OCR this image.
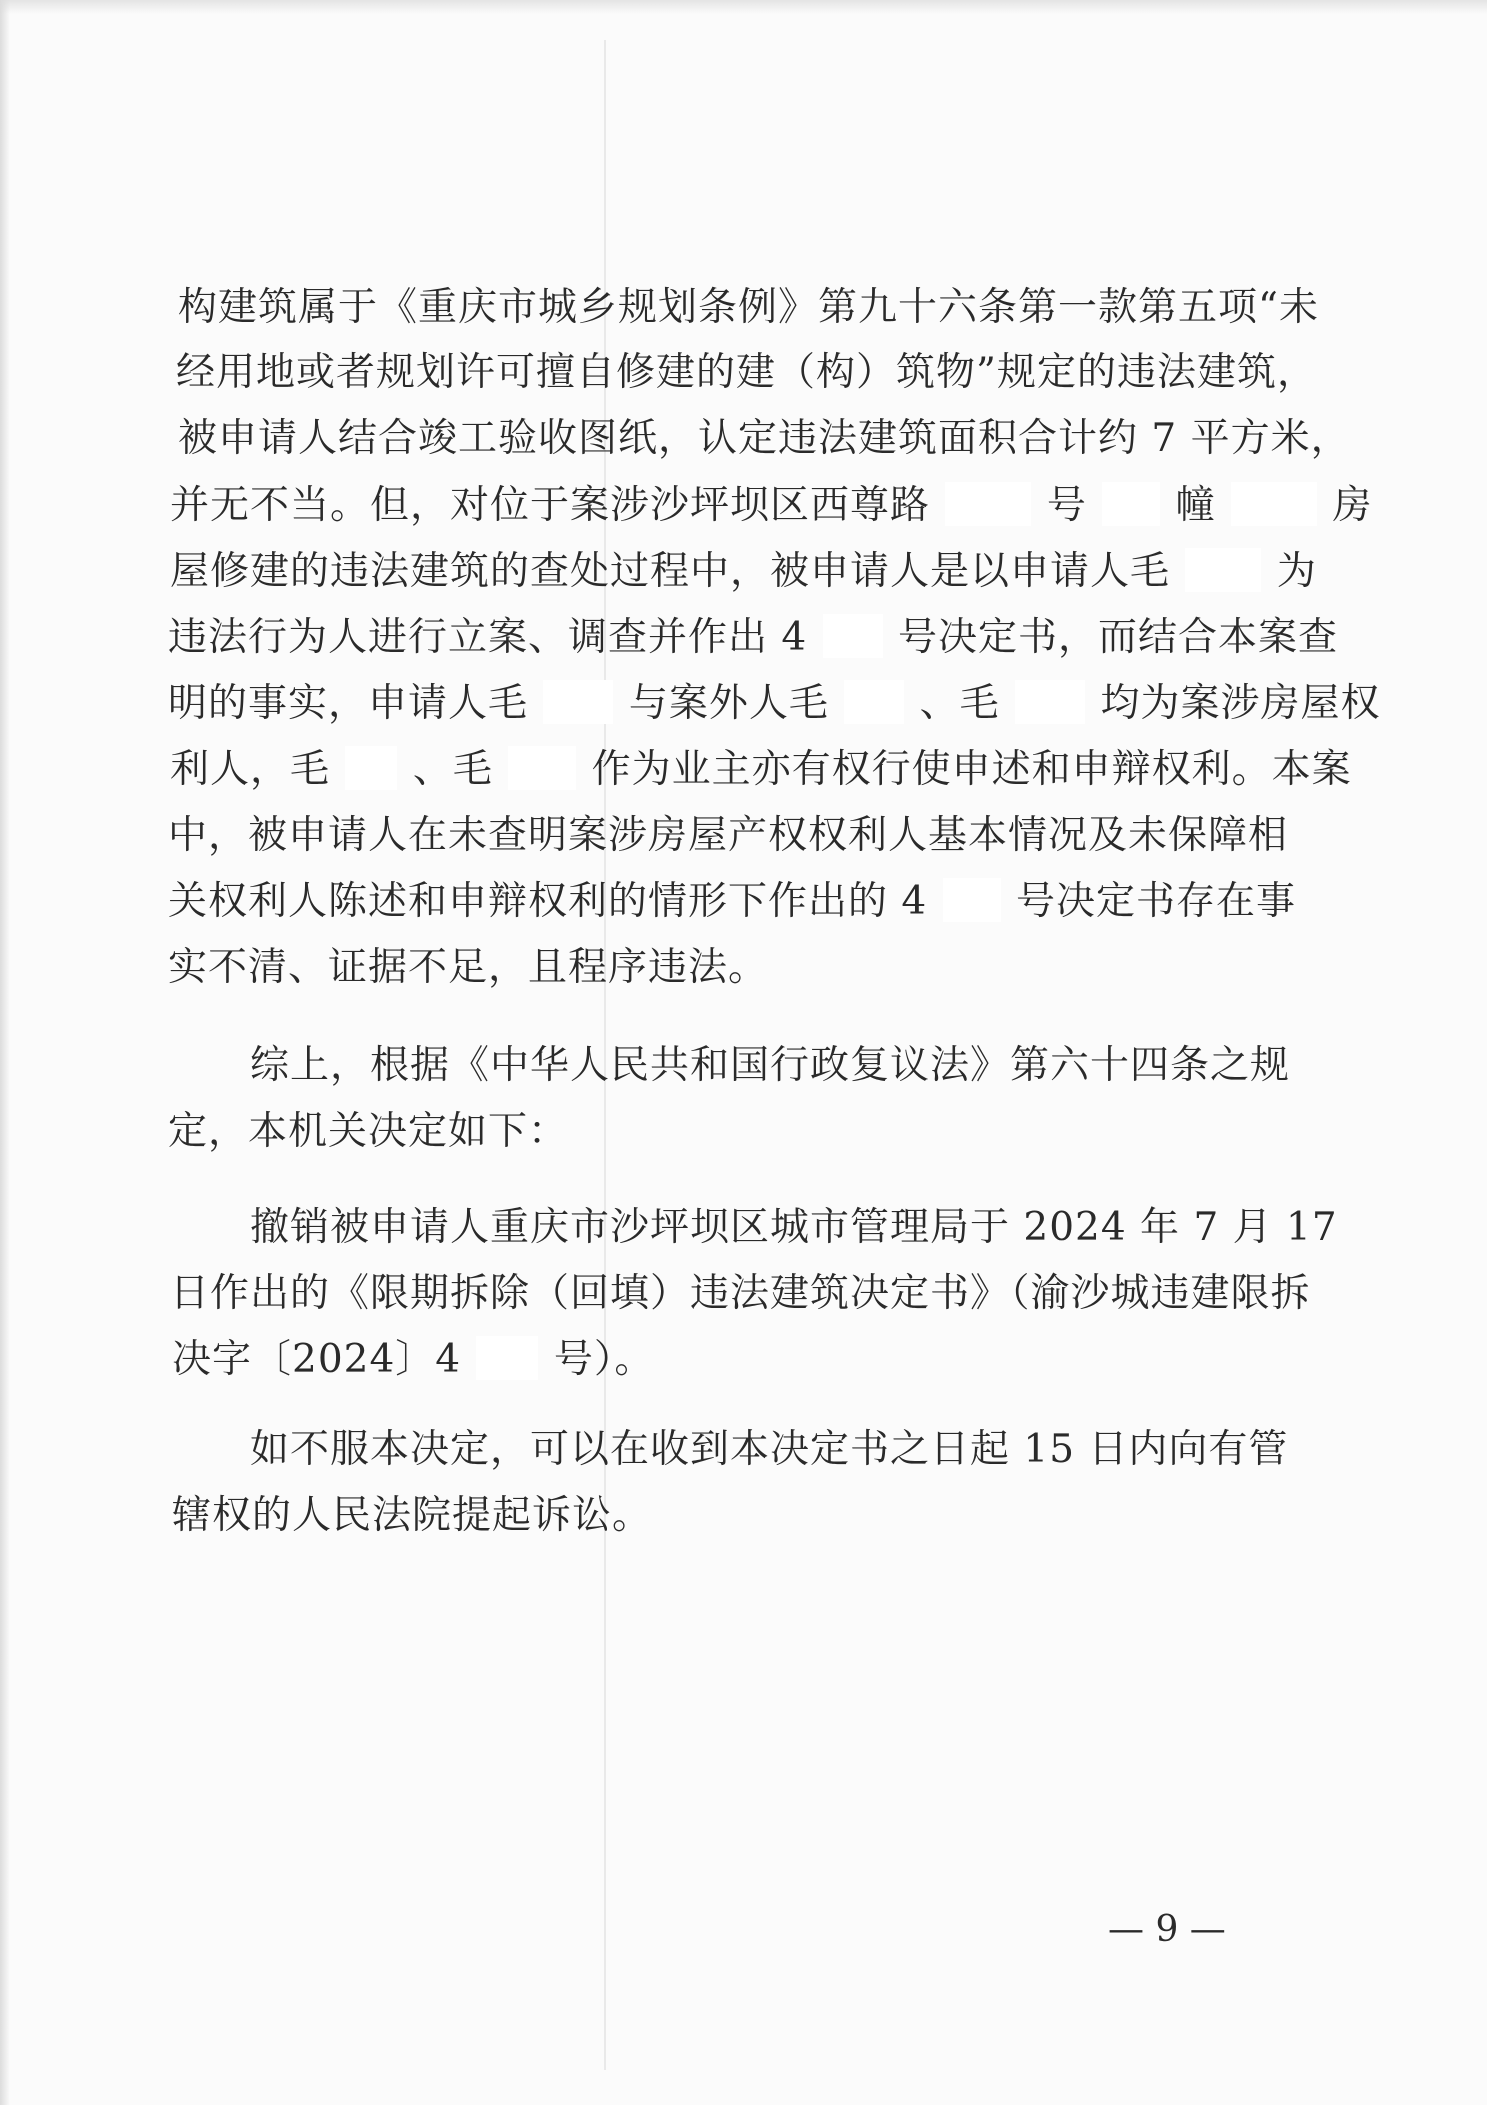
构建筑属于《重庆市城乡规划条例》第九十六条第一款第五项“未
经用地或者规划许可擅自修建的建（构）筑物”规定的违法建筑，
被申请人结合竣工验收图纸，认定违法建筑面积合计约 7 平方米，
并无不当。但，对位于案涉沙坪坝区西尊路	号 幢	房
屋修建的违法建筑的查处过程中，被申请人是以申请人毛	为
违法行为人进行立案、调查并作出 4 号决定书，而结合本案查
明的事实，申请人毛	与案外人毛 、毛	均为案涉房屋权
利人，毛 、毛	作为业主亦有权行使申述和申辩权利。本案
中，被申请人在未查明案涉房屋产权权利人基本情况及未保障相
关权利人陈述和申辩权利的情形下作出的 4 号决定书存在事
实不清、证据不足，且程序违法。
综上，根据《中华人民共和国行政复议法》第六十四条之规
定，本机关决定如下：
撤销被申请人重庆市沙坪坝区城市管理局于 2024 年 7 月 17
日作出的《限期拆除（回填）违法建筑决定书》（渝沙城违建限拆
决字〔2024〕4 号）。
如不服本决定，可以在收到本决定书之日起 15 日内向有管
辖权的人民法院提起诉讼。
— 9 —
